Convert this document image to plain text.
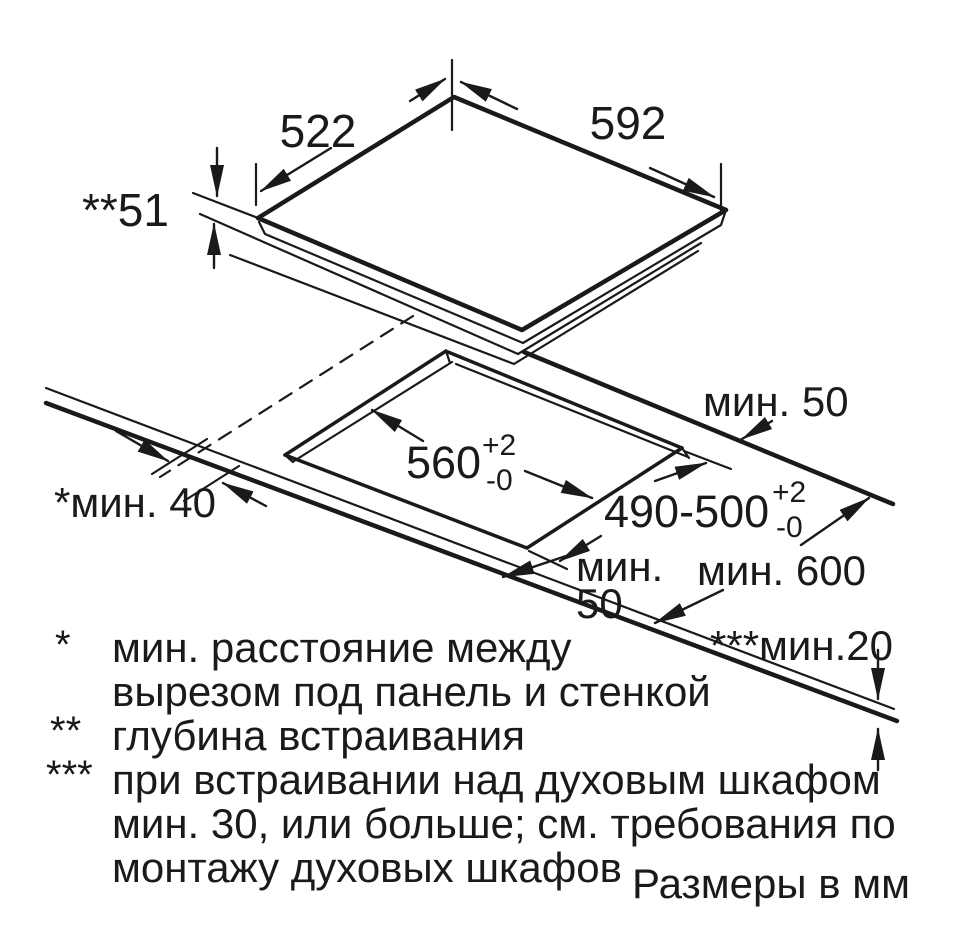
522	592
**51
560 +2
-0
490-500 +2
-0
мин. 50
мин. 600
*мин. 40
мин.
50
***мин.20
* мин. расстояние между
вырезом под панель и стенкой
** глубина встраивания
*** при встраивании над духовым шкафом
мин. 30, или больше; см. требования по
монтажу духовых шкафов Размеры в мм
